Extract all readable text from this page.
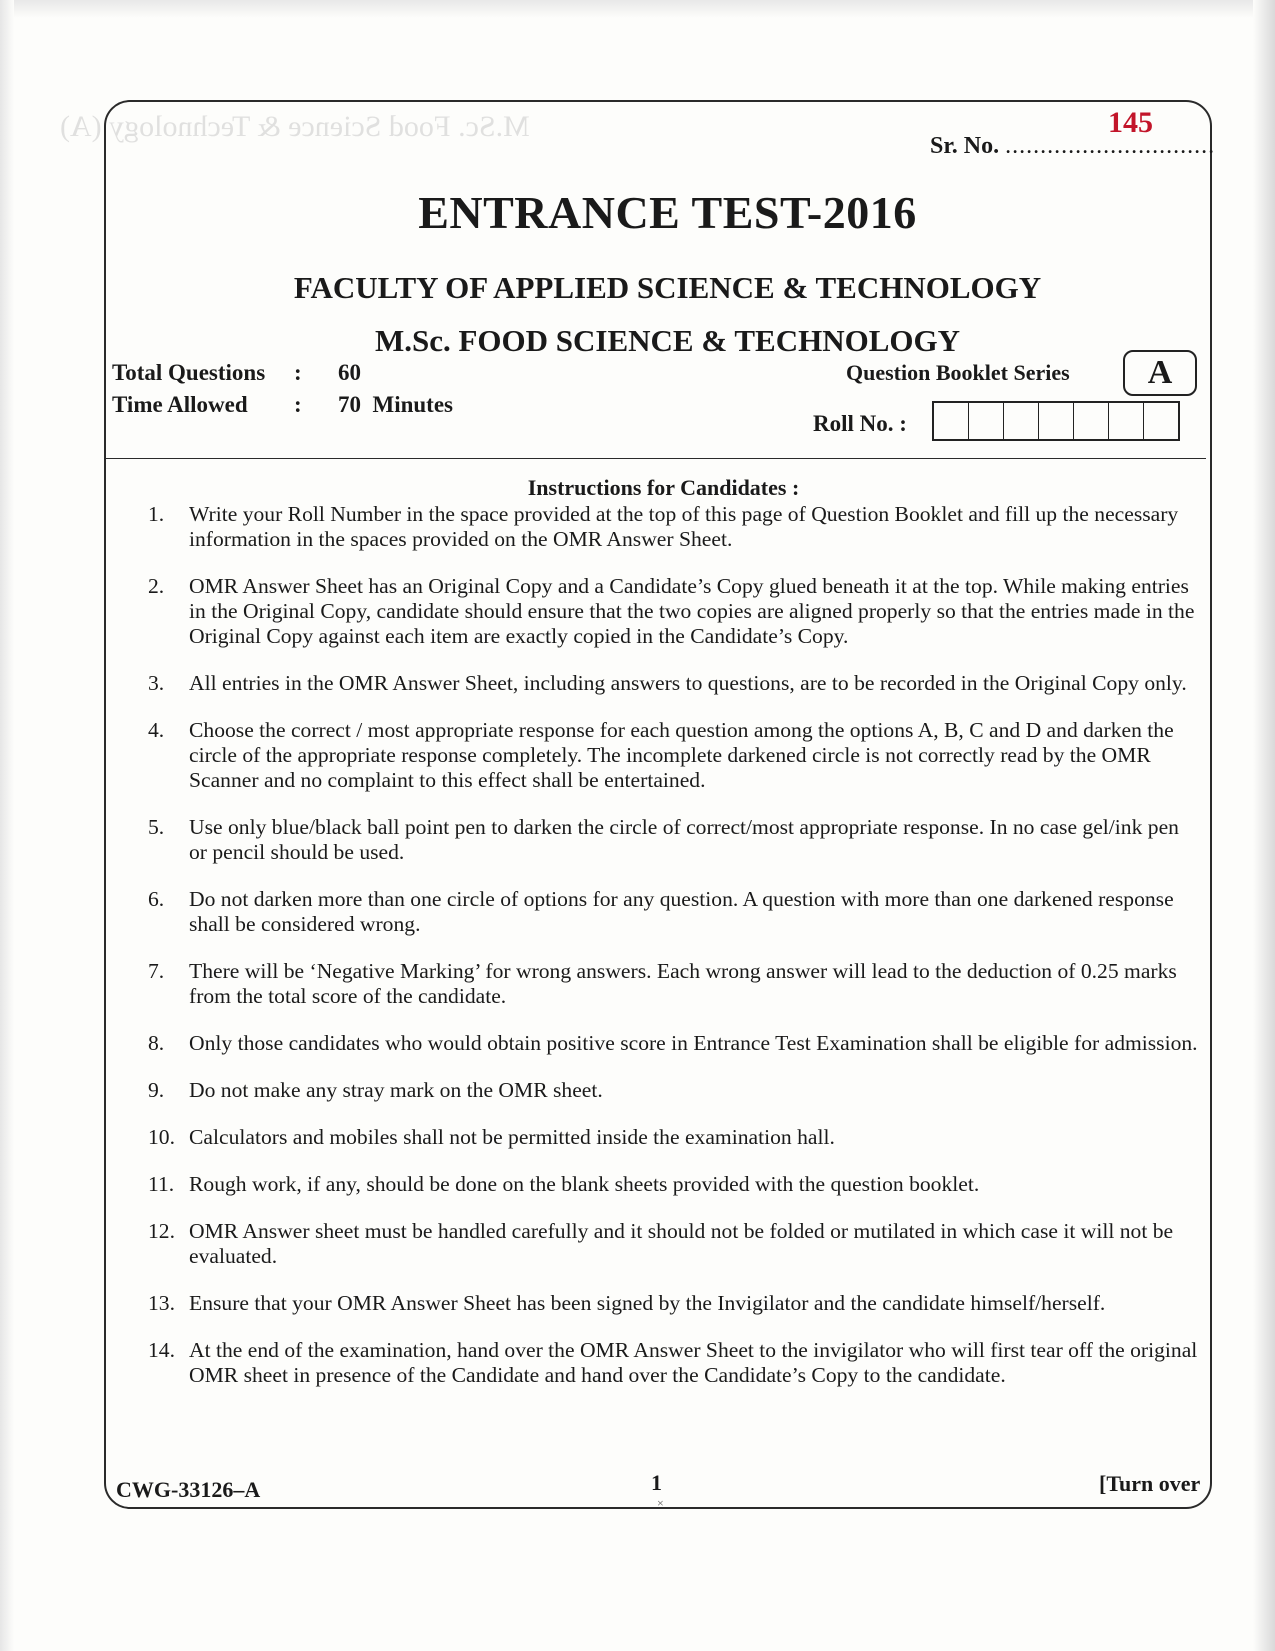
M.Sc. Food Science & Technology (A)	145
Sr. No. ..............................
ENTRANCE TEST-2016
FACULTY OF APPLIED SCIENCE & TECHNOLOGY
M.Sc. FOOD SCIENCE & TECHNOLOGY
Question Booklet Series	A
Total Questions : 60
Time Allowed : 70  Minutes
Roll No. :
Instructions for Candidates :
1.	Write your Roll Number in the space provided at the top of this page of Question Booklet and fill up the necessary information in the spaces provided on the OMR Answer Sheet.
2.	OMR Answer Sheet has an Original Copy and a Candidate’s Copy glued beneath it at the top. While making entries in the Original Copy, candidate should ensure that the two copies are aligned properly so that the entries made in the Original Copy against each item are exactly copied in the Candidate’s Copy.
3.	All entries in the OMR Answer Sheet, including answers to questions, are to be recorded in the Original Copy only.
4.	Choose the correct / most appropriate response for each question among the options A, B, C and D and darken the circle of the appropriate response completely. The incomplete darkened circle is not correctly read by the OMR Scanner and no complaint to this effect shall be entertained.
5.	Use only blue/black ball point pen to darken the circle of correct/most appropriate response. In no case gel/ink pen or pencil should be used.
6.	Do not darken more than one circle of options for any question. A question with more than one darkened response shall be considered wrong.
7.	There will be ‘Negative Marking’ for wrong answers. Each wrong answer will lead to the deduction of 0.25 marks from the total score of the candidate.
8.	Only those candidates who would obtain positive score in Entrance Test Examination shall be eligible for admission.
9.	Do not make any stray mark on the OMR sheet.
10. Calculators and mobiles shall not be permitted inside the examination hall.
11. Rough work, if any, should be done on the blank sheets provided with the question booklet.
12. OMR Answer sheet must be handled carefully and it should not be folded or mutilated in which case it will not be evaluated.
13. Ensure that your OMR Answer Sheet has been signed by the Invigilator and the candidate himself/herself.
14. At the end of the examination, hand over the OMR Answer Sheet to the invigilator who will first tear off the original OMR sheet in presence of the Candidate and hand over the Candidate’s Copy to the candidate.
CWG-33126–A	1
×
[Turn over
